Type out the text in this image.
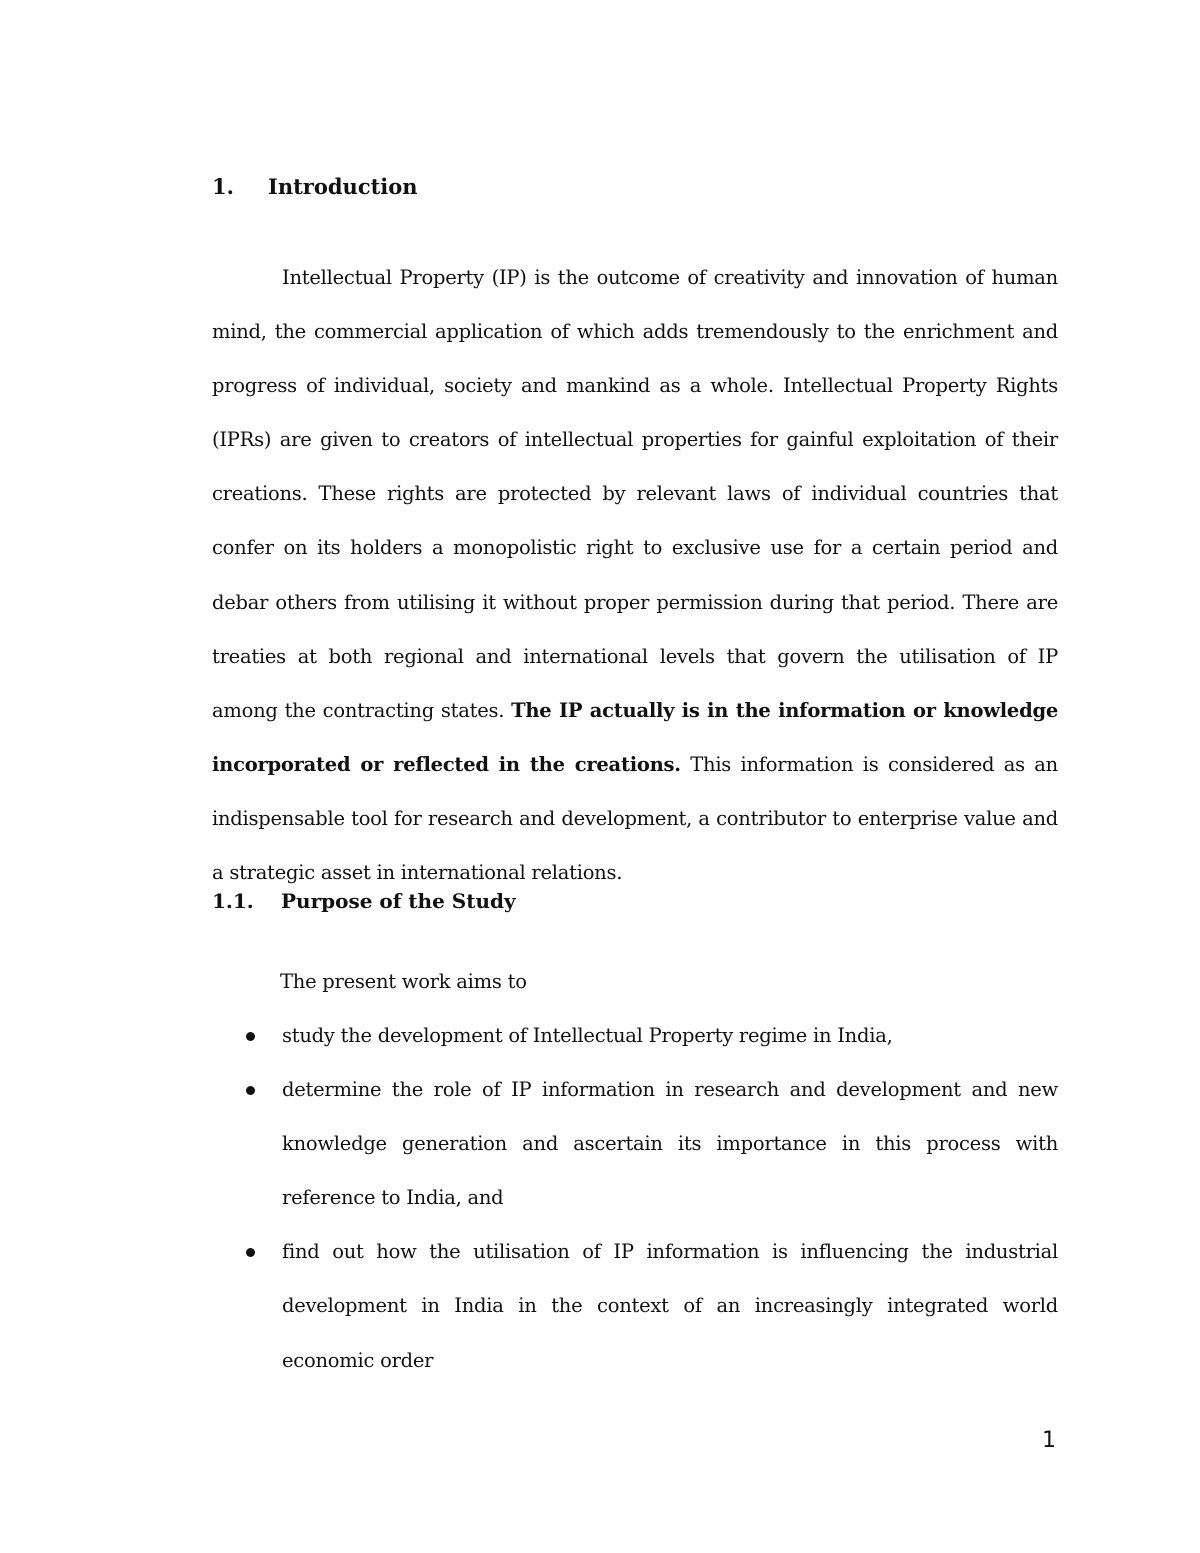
1. Introduction
Intellectual Property (IP) is the outcome of creativity and innovation of human mind, the commercial application of which adds tremendously to the enrichment and progress of individual, society and mankind as a whole. Intellectual Property Rights (IPRs) are given to creators of intellectual properties for gainful exploitation of their creations. These rights are protected by relevant laws of individual countries that confer on its holders a monopolistic right to exclusive use for a certain period and debar others from utilising it without proper permission during that period. There are treaties at both regional and international levels that govern the utilisation of IP among the contracting states. The IP actually is in the information or knowledge incorporated or reflected in the creations. This information is considered as an indispensable tool for research and development, a contributor to enterprise value and a strategic asset in international relations.
1.1. Purpose of the Study
The present work aims to
study the development of Intellectual Property regime in India,
determine the role of IP information in research and development and new knowledge generation and ascertain its importance in this process with reference to India, and
find out how the utilisation of IP information is influencing the industrial development in India in the context of an increasingly integrated world economic order
1
